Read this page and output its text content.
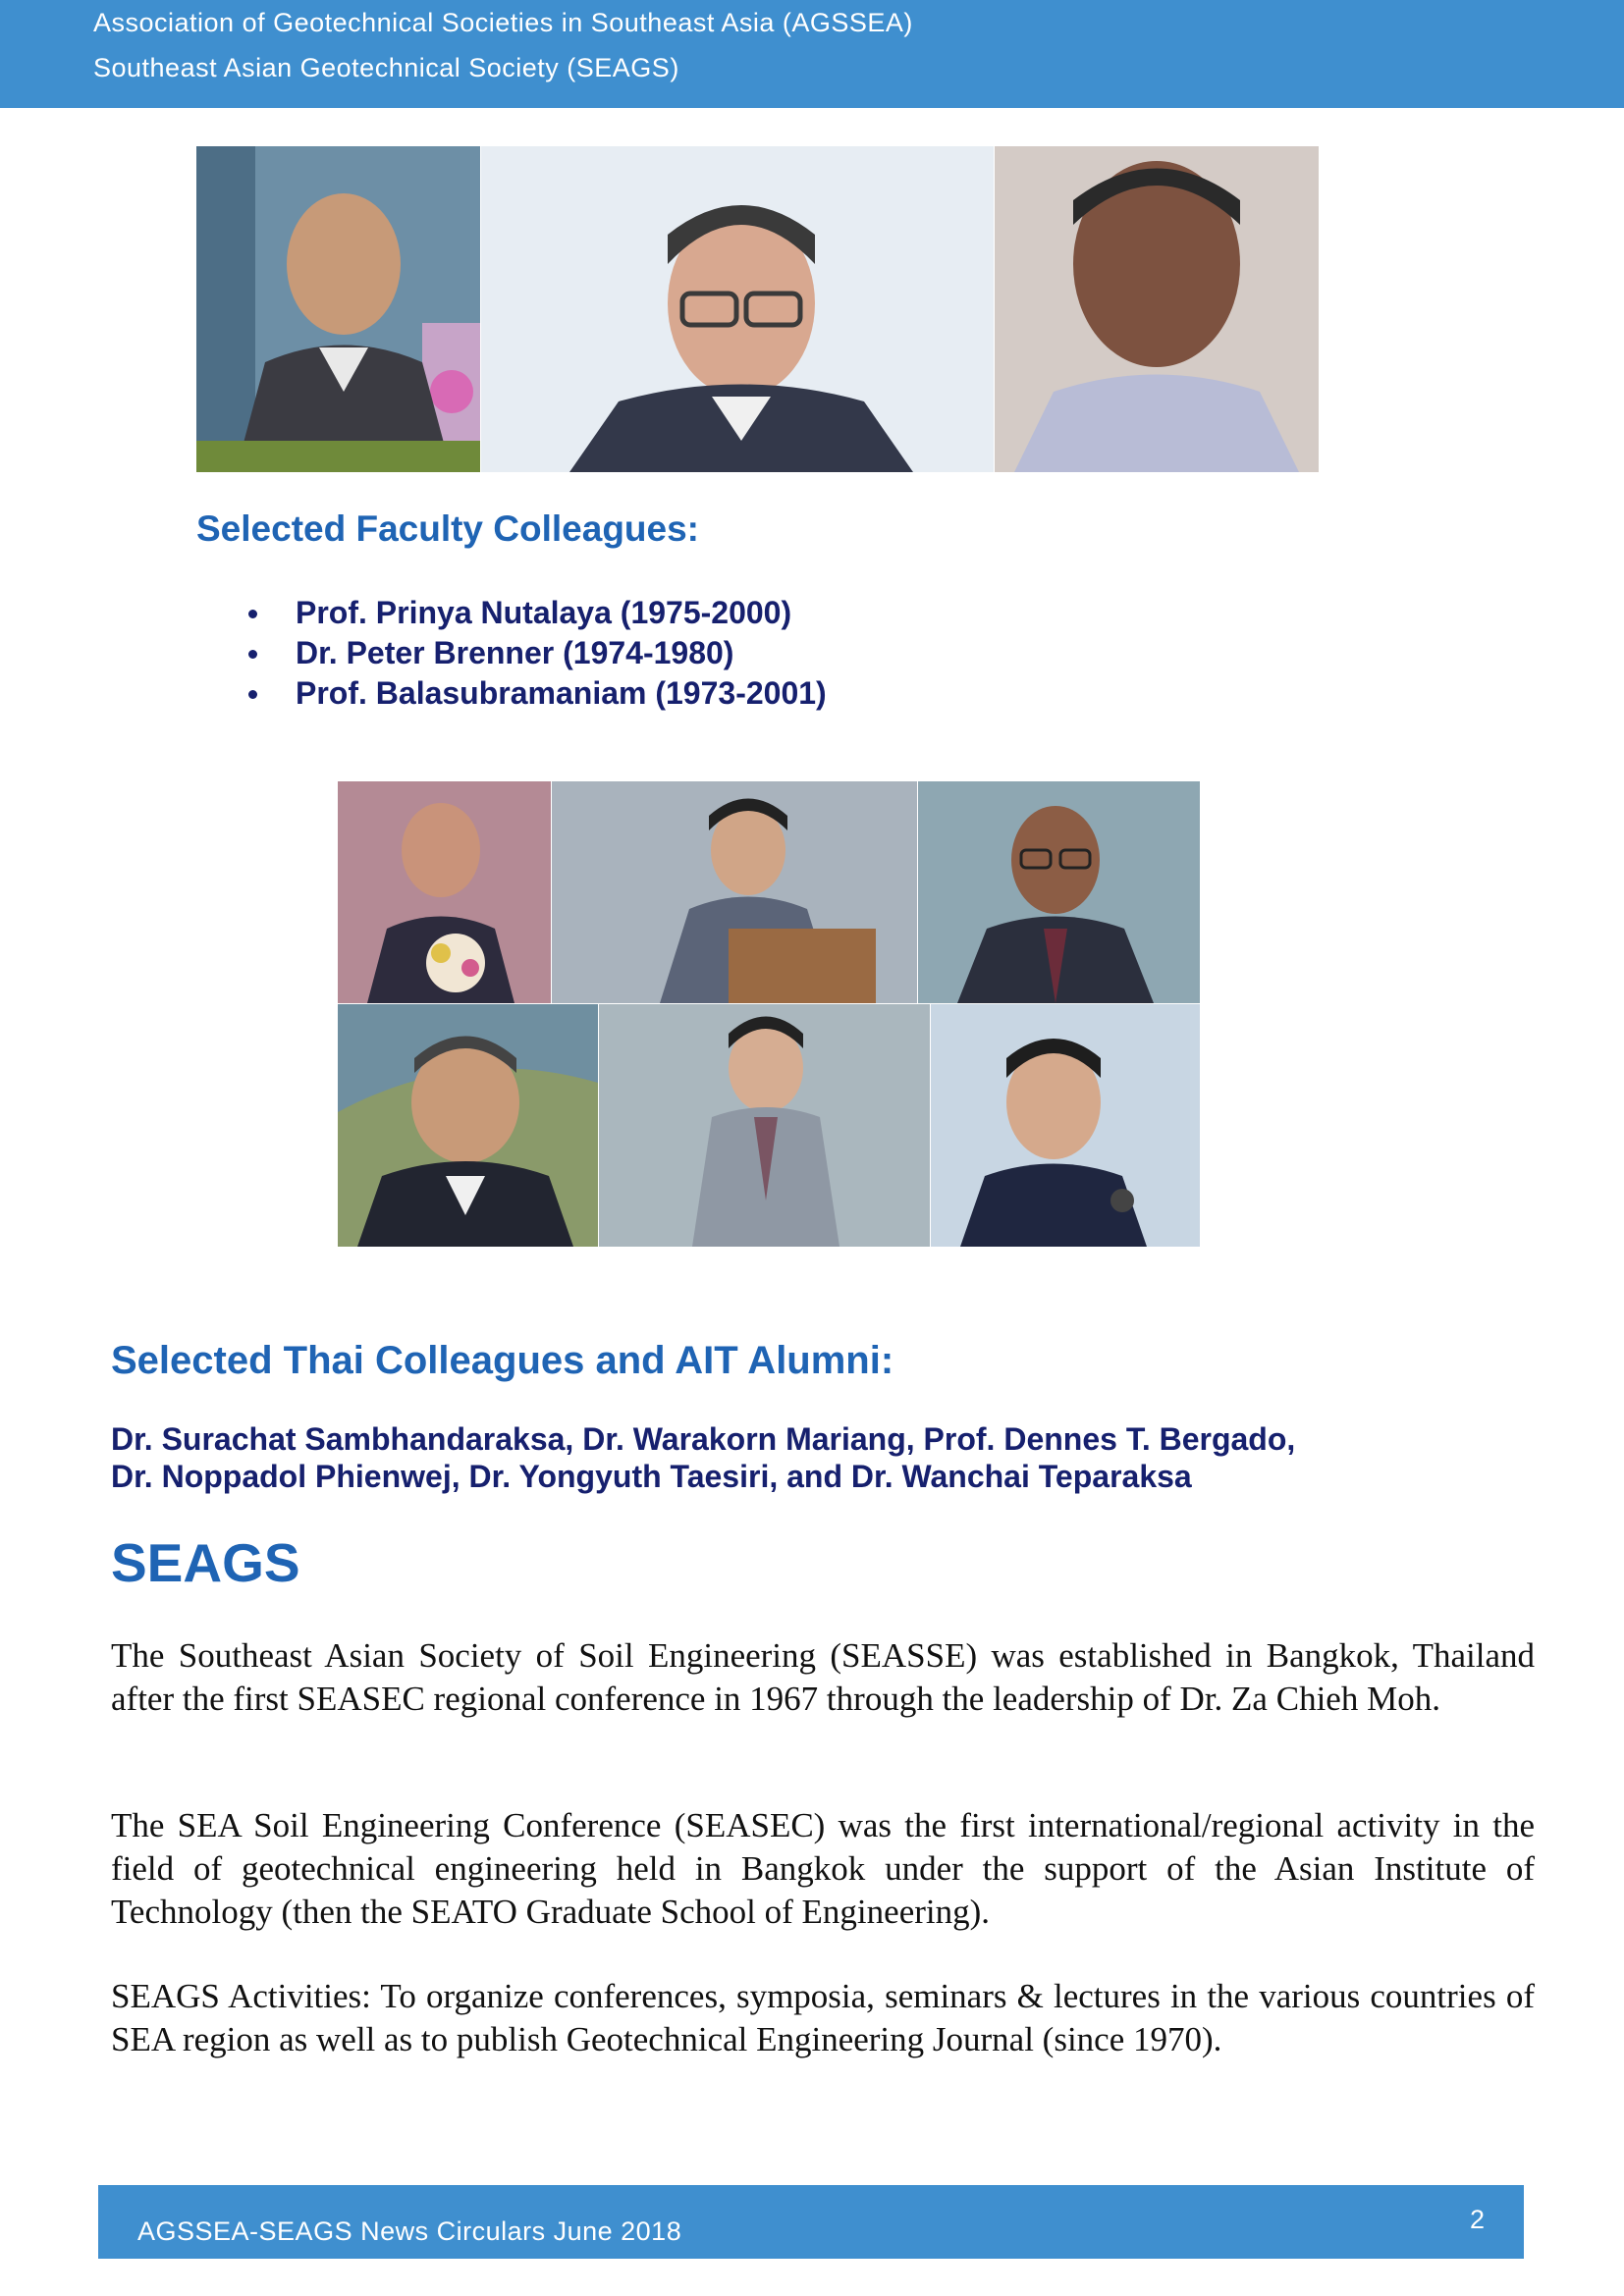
Association of Geotechnical Societies in Southeast Asia (AGSSEA)
Southeast Asian Geotechnical Society (SEAGS)
Selected Faculty Colleagues:
Prof. Prinya Nutalaya (1975-2000)
Dr. Peter Brenner (1974-1980)
Prof. Balasubramaniam (1973-2001)
Selected Thai Colleagues and AIT Alumni:
Dr. Surachat Sambhandaraksa, Dr. Warakorn Mariang, Prof. Dennes T. Bergado,
Dr. Noppadol Phienwej, Dr. Yongyuth Taesiri, and Dr. Wanchai Teparaksa
SEAGS

The Southeast Asian Society of Soil Engineering (SEASSE) was established in Bangkok, Thailand after the first SEASEC regional conference in 1967 through the leadership of Dr. Za Chieh Moh.

The SEA Soil Engineering Conference (SEASEC) was the first international/regional activity in the field of geotechnical engineering held in Bangkok under the support of the Asian Institute of Technology (then the SEATO Graduate School of Engineering).

SEAGS Activities: To organize conferences, symposia, seminars & lectures in the various countries of SEA region as well as to publish Geotechnical Engineering Journal (since 1970).

AGSSEA-SEAGS News Circulars June 2018	2
